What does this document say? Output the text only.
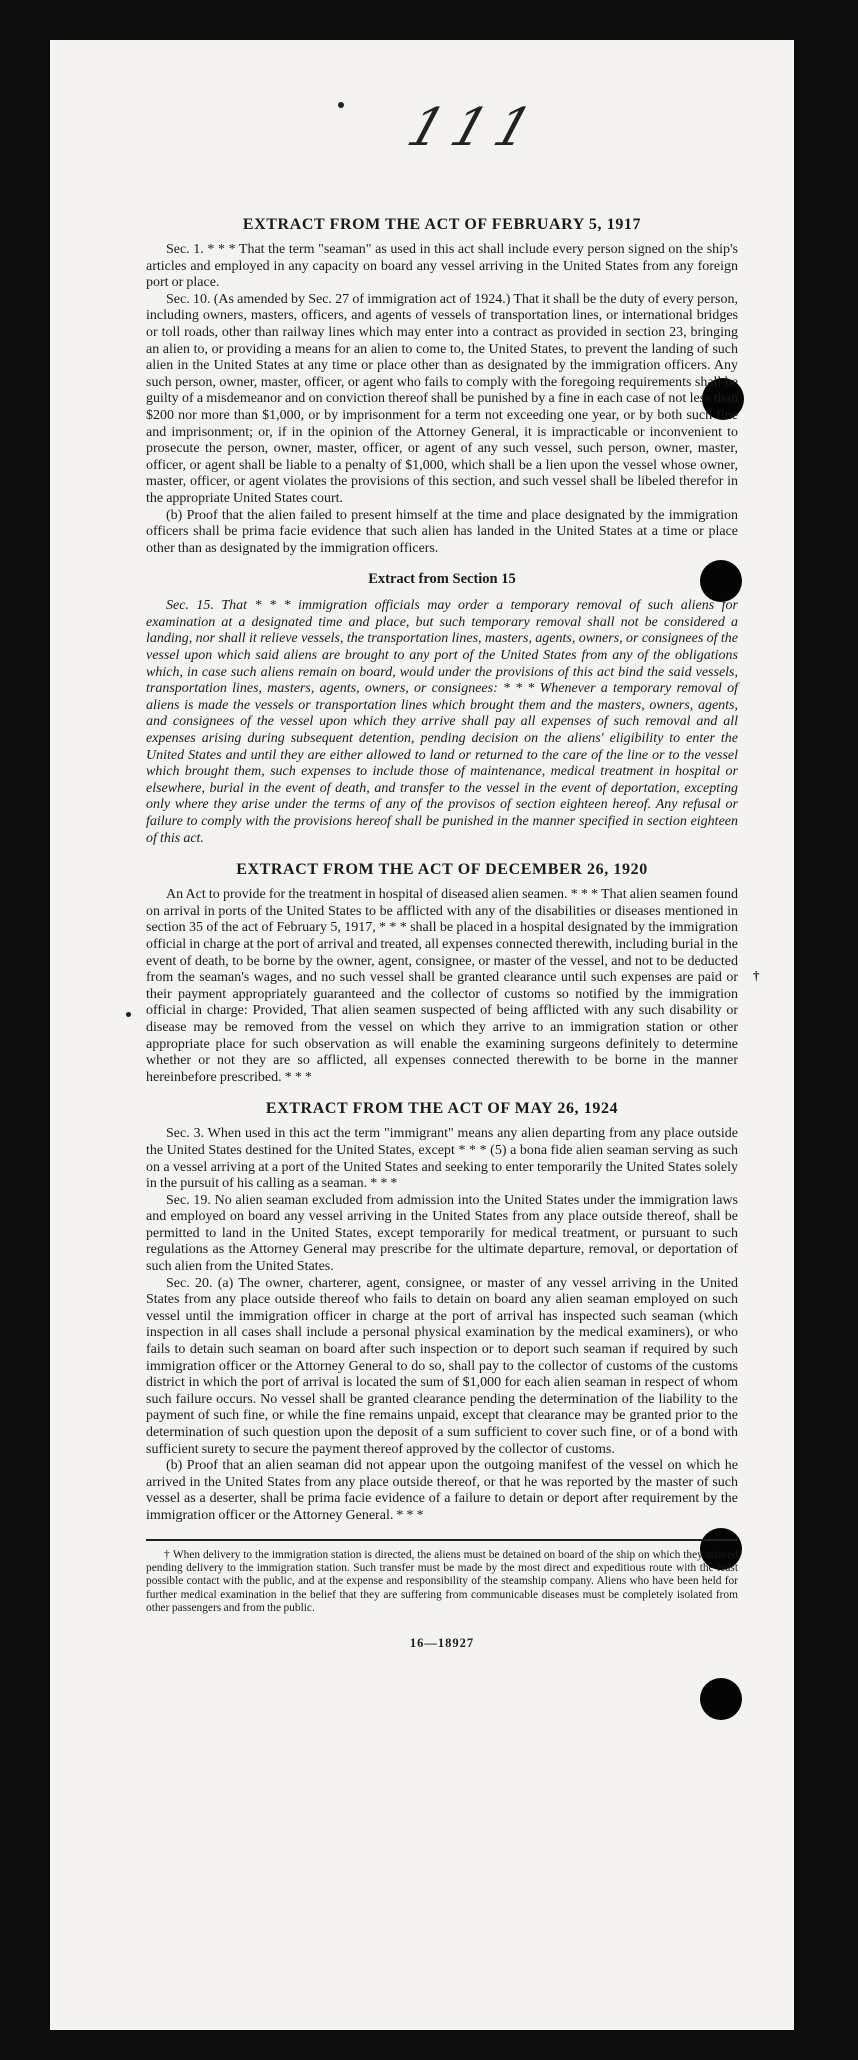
111
†
EXTRACT FROM THE ACT OF FEBRUARY 5, 1917

Sec. 1. * * * That the term "seaman" as used in this act shall include every person signed on the ship's articles and employed in any capacity on board any vessel arriving in the United States from any foreign port or place.

Sec. 10. (As amended by Sec. 27 of immigration act of 1924.) That it shall be the duty of every person, including owners, masters, officers, and agents of vessels of transportation lines, or international bridges or toll roads, other than railway lines which may enter into a contract as provided in section 23, bringing an alien to, or providing a means for an alien to come to, the United States, to prevent the landing of such alien in the United States at any time or place other than as designated by the immigration officers. Any such person, owner, master, officer, or agent who fails to comply with the foregoing requirements shall be guilty of a misdemeanor and on conviction thereof shall be punished by a fine in each case of not less than $200 nor more than $1,000, or by imprisonment for a term not exceeding one year, or by both such fine and imprisonment; or, if in the opinion of the Attorney General, it is impracticable or inconvenient to prosecute the person, owner, master, officer, or agent of any such vessel, such person, owner, master, officer, or agent shall be liable to a penalty of $1,000, which shall be a lien upon the vessel whose owner, master, officer, or agent violates the provisions of this section, and such vessel shall be libeled therefor in the appropriate United States court.

(b) Proof that the alien failed to present himself at the time and place designated by the immigration officers shall be prima facie evidence that such alien has landed in the United States at a time or place other than as designated by the immigration officers.

Extract from Section 15

Sec. 15. That * * * immigration officials may order a temporary removal of such aliens for examination at a designated time and place, but such temporary removal shall not be considered a landing, nor shall it relieve vessels, the transportation lines, masters, agents, owners, or consignees of the vessel upon which said aliens are brought to any port of the United States from any of the obligations which, in case such aliens remain on board, would under the provisions of this act bind the said vessels, transportation lines, masters, agents, owners, or consignees: * * * Whenever a temporary removal of aliens is made the vessels or transportation lines which brought them and the masters, owners, agents, and consignees of the vessel upon which they arrive shall pay all expenses of such removal and all expenses arising during subsequent detention, pending decision on the aliens' eligibility to enter the United States and until they are either allowed to land or returned to the care of the line or to the vessel which brought them, such expenses to include those of maintenance, medical treatment in hospital or elsewhere, burial in the event of death, and transfer to the vessel in the event of deportation, excepting only where they arise under the terms of any of the provisos of section eighteen hereof. Any refusal or failure to comply with the provisions hereof shall be punished in the manner specified in section eighteen of this act.

EXTRACT FROM THE ACT OF DECEMBER 26, 1920

An Act to provide for the treatment in hospital of diseased alien seamen. * * * That alien seamen found on arrival in ports of the United States to be afflicted with any of the disabilities or diseases mentioned in section 35 of the act of February 5, 1917, * * * shall be placed in a hospital designated by the immigration official in charge at the port of arrival and treated, all expenses connected therewith, including burial in the event of death, to be borne by the owner, agent, consignee, or master of the vessel, and not to be deducted from the seaman's wages, and no such vessel shall be granted clearance until such expenses are paid or their payment appropriately guaranteed and the collector of customs so notified by the immigration official in charge: Provided, That alien seamen suspected of being afflicted with any such disability or disease may be removed from the vessel on which they arrive to an immigration station or other appropriate place for such observation as will enable the examining surgeons definitely to determine whether or not they are so afflicted, all expenses connected therewith to be borne in the manner hereinbefore prescribed. * * *

EXTRACT FROM THE ACT OF MAY 26, 1924

Sec. 3. When used in this act the term "immigrant" means any alien departing from any place outside the United States destined for the United States, except * * * (5) a bona fide alien seaman serving as such on a vessel arriving at a port of the United States and seeking to enter temporarily the United States solely in the pursuit of his calling as a seaman. * * *

Sec. 19. No alien seaman excluded from admission into the United States under the immigration laws and employed on board any vessel arriving in the United States from any place outside thereof, shall be permitted to land in the United States, except temporarily for medical treatment, or pursuant to such regulations as the Attorney General may prescribe for the ultimate departure, removal, or deportation of such alien from the United States.

Sec. 20. (a) The owner, charterer, agent, consignee, or master of any vessel arriving in the United States from any place outside thereof who fails to detain on board any alien seaman employed on such vessel until the immigration officer in charge at the port of arrival has inspected such seaman (which inspection in all cases shall include a personal physical examination by the medical examiners), or who fails to detain such seaman on board after such inspection or to deport such seaman if required by such immigration officer or the Attorney General to do so, shall pay to the collector of customs of the customs district in which the port of arrival is located the sum of $1,000 for each alien seaman in respect of whom such failure occurs. No vessel shall be granted clearance pending the determination of the liability to the payment of such fine, or while the fine remains unpaid, except that clearance may be granted prior to the determination of such question upon the deposit of a sum sufficient to cover such fine, or of a bond with sufficient surety to secure the payment thereof approved by the collector of customs.

(b) Proof that an alien seaman did not appear upon the outgoing manifest of the vessel on which he arrived in the United States from any place outside thereof, or that he was reported by the master of such vessel as a deserter, shall be prima facie evidence of a failure to detain or deport after requirement by the immigration officer or the Attorney General. * * *

† When delivery to the immigration station is directed, the aliens must be detained on board of the ship on which they arrived pending delivery to the immigration station. Such transfer must be made by the most direct and expeditious route with the least possible contact with the public, and at the expense and responsibility of the steamship company. Aliens who have been held for further medical examination in the belief that they are suffering from communicable diseases must be completely isolated from other passengers and from the public.

16—18927
